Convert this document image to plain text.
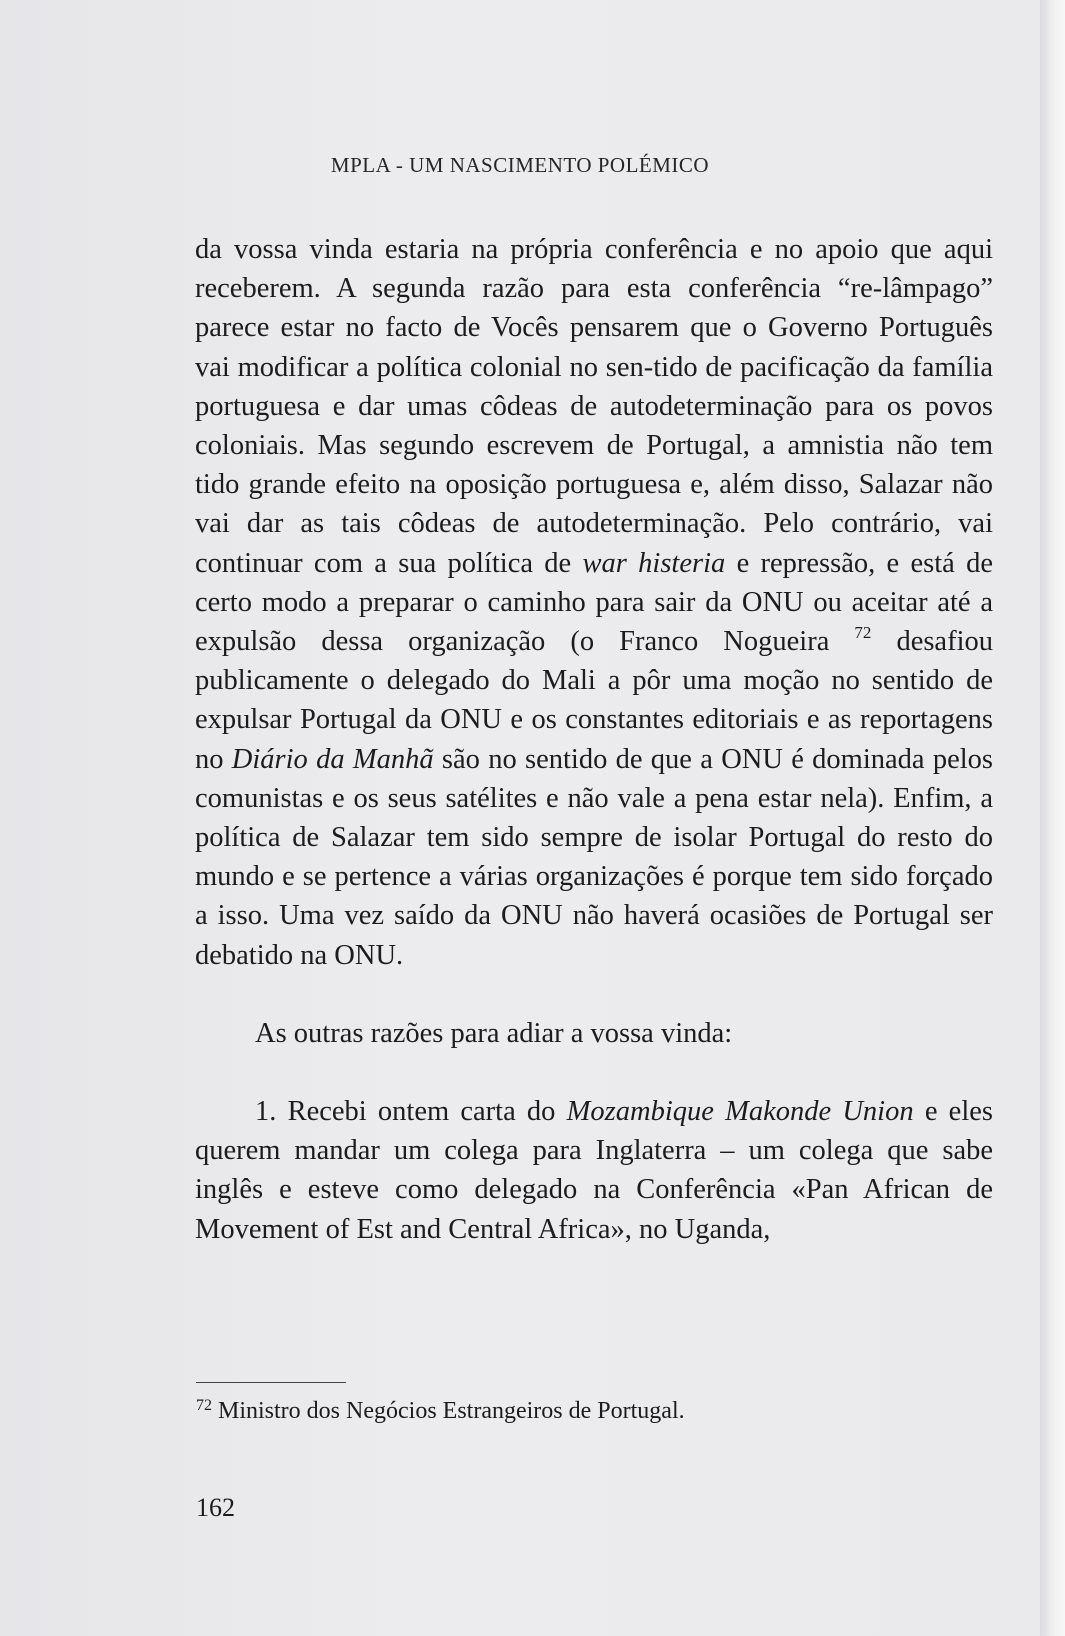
MPLA - UM NASCIMENTO POLÉMICO

da vossa vinda estaria na própria conferência e no apoio que aqui receberem. A segunda razão para esta conferência “re-lâmpago” parece estar no facto de Vocês pensarem que o Governo Português vai modificar a política colonial no sen-tido de pacificação da família portuguesa e dar umas côdeas de autodeterminação para os povos coloniais. Mas segundo escrevem de Portugal, a amnistia não tem tido grande efeito na oposição portuguesa e, além disso, Salazar não vai dar as tais côdeas de autodeterminação. Pelo contrário, vai continuar com a sua política de war histeria e repressão, e está de certo modo a preparar o caminho para sair da ONU ou aceitar até a expulsão dessa organização (o Franco Nogueira $^{72}$ desafiou publicamente o delegado do Mali a pôr uma moção no sentido de expulsar Portugal da ONU e os constantes editoriais e as reportagens no Diário da Manhã são no sentido de que a ONU é dominada pelos comunistas e os seus satélites e não vale a pena estar nela). Enfim, a política de Salazar tem sido sempre de isolar Portugal do resto do mundo e se pertence a várias organizações é porque tem sido forçado a isso. Uma vez saído da ONU não haverá ocasiões de Portugal ser debatido na ONU.

As outras razões para adiar a vossa vinda:

1. Recebi ontem carta do Mozambique Makonde Union e eles querem mandar um colega para Inglaterra – um colega que sabe inglês e esteve como delegado na Conferência «Pan African de Movement of Est and Central Africa», no Uganda,

$^{72}$ Ministro dos Negócios Estrangeiros de Portugal.
162
